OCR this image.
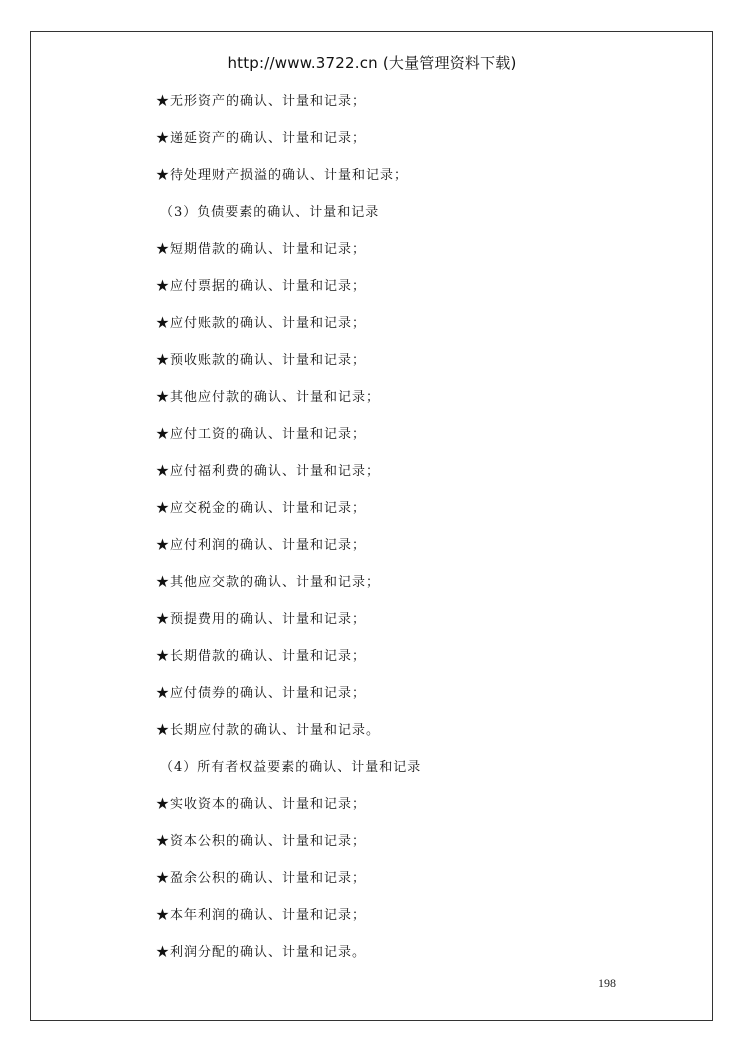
http://www.3722.cn (大量管理资料下载)
★无形资产的确认、计量和记录；
★递延资产的确认、计量和记录；
★待处理财产损溢的确认、计量和记录；
（3）负债要素的确认、计量和记录
★短期借款的确认、计量和记录；
★应付票据的确认、计量和记录；
★应付账款的确认、计量和记录；
★预收账款的确认、计量和记录；
★其他应付款的确认、计量和记录；
★应付工资的确认、计量和记录；
★应付福利费的确认、计量和记录；
★应交税金的确认、计量和记录；
★应付利润的确认、计量和记录；
★其他应交款的确认、计量和记录；
★预提费用的确认、计量和记录；
★长期借款的确认、计量和记录；
★应付债券的确认、计量和记录；
★长期应付款的确认、计量和记录。
（4）所有者权益要素的确认、计量和记录
★实收资本的确认、计量和记录；
★资本公积的确认、计量和记录；
★盈余公积的确认、计量和记录；
★本年利润的确认、计量和记录；
★利润分配的确认、计量和记录。
198
